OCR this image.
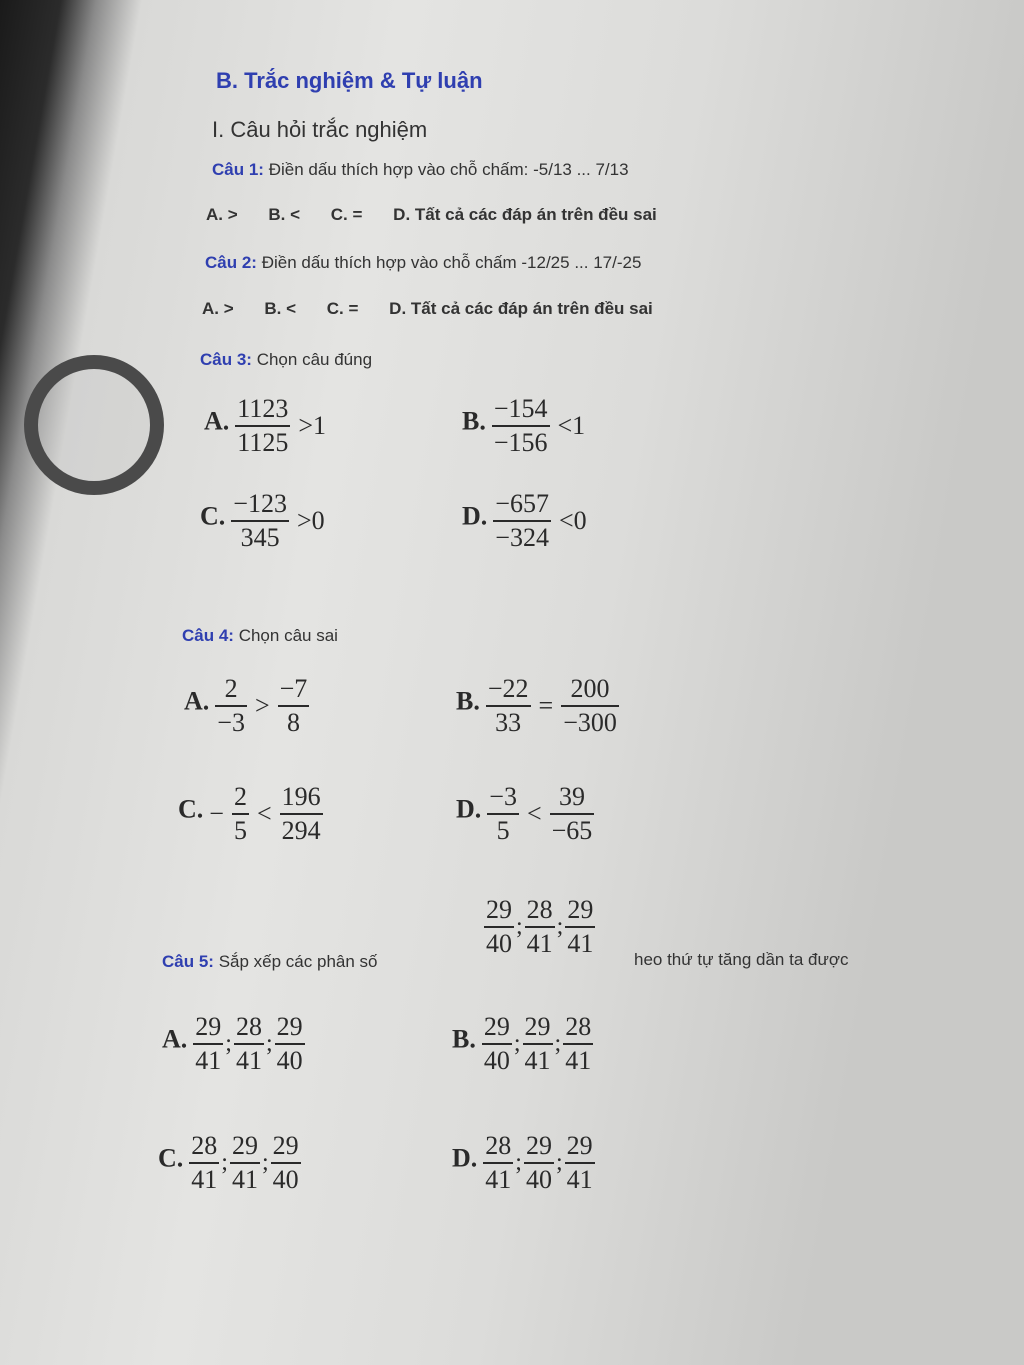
B. Trắc nghiệm & Tự luận
I. Câu hỏi trắc nghiệm
Câu 1: Điền dấu thích hợp vào chỗ chấm: -5/13 ... 7/13
A. > B. < C. = D. Tất cả các đáp án trên đều sai
Câu 2: Điền dấu thích hợp vào chỗ chấm -12/25 ... 17/-25
A. > B. < C. = D. Tất cả các đáp án trên đều sai
Câu 3: Chọn câu đúng
A. $\frac{1123}{1125} >1$	B. $\frac{-154}{-156} <1$
C. $\frac{-123}{345} >0$	D. $\frac{-657}{-324} <0$
Câu 4: Chọn câu sai
A. $\frac{2}{-3} > \frac{-7}{8}$	B. $\frac{-22}{33} = \frac{200}{-300}$
C. − $\frac{2}{5} < \frac{196}{294}$	D. $\frac{-3}{5} < \frac{39}{-65}$
$\frac{29}{40}$ ; $\frac{28}{41}$ ; $\frac{29}{41}$
Câu 5: Sắp xếp các phân số	heo thứ tự tăng dần ta được
A. $\frac{29}{41}$ ; $\frac{28}{41}$ ; $\frac{29}{40}$	B. $\frac{29}{40}$ ; $\frac{29}{41}$ ; $\frac{28}{41}$
C. $\frac{28}{41}$ ; $\frac{29}{41}$ ; $\frac{29}{40}$	D. $\frac{28}{41}$ ; $\frac{29}{40}$ ; $\frac{29}{41}$
